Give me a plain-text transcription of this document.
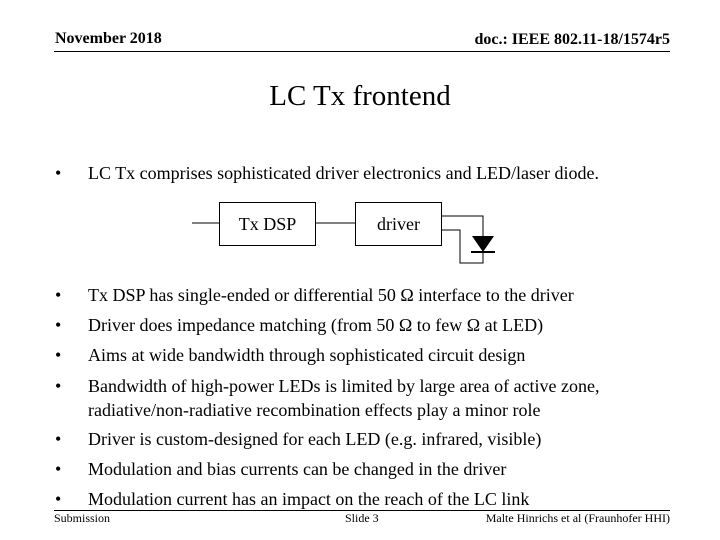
November 2018	doc.: IEEE 802.11-18/1574r5
LC Tx frontend
•	LC Tx comprises sophisticated driver electronics and LED/laser diode.
Tx DSP	driver
•	Tx DSP has single-ended or differential 50 Ω interface to the driver
•	Driver does impedance matching (from 50 Ω to few Ω at LED)
•	Aims at wide bandwidth through sophisticated circuit design
•	Bandwidth of high-power LEDs is limited by large area of active zone, radiative/non-radiative recombination effects play a minor role
•	Driver is custom-designed for each LED (e.g. infrared, visible)
•	Modulation and bias currents can be changed in the driver
•	Modulation current has an impact on the reach of the LC link
Submission	Slide 3	Malte Hinrichs et al (Fraunhofer HHI)
